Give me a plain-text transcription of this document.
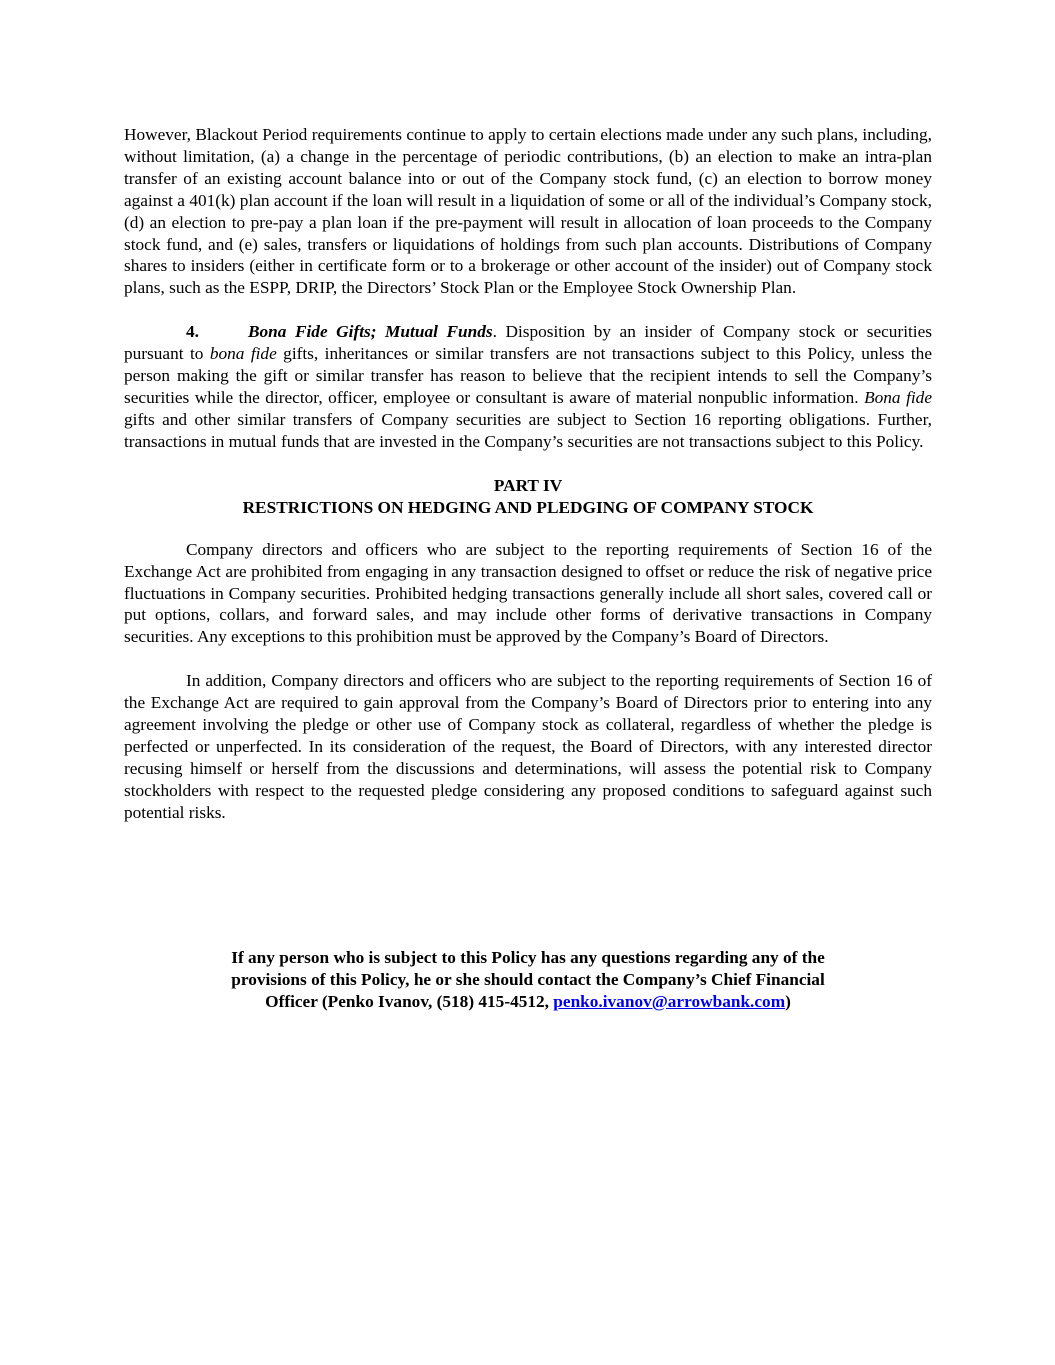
However, Blackout Period requirements continue to apply to certain elections made under any such plans, including, without limitation, (a) a change in the percentage of periodic contributions, (b) an election to make an intra-plan transfer of an existing account balance into or out of the Company stock fund, (c) an election to borrow money against a 401(k) plan account if the loan will result in a liquidation of some or all of the individual’s Company stock, (d) an election to pre-pay a plan loan if the pre-payment will result in allocation of loan proceeds to the Company stock fund, and (e) sales, transfers or liquidations of holdings from such plan accounts. Distributions of Company shares to insiders (either in certificate form or to a brokerage or other account of the insider) out of Company stock plans, such as the ESPP, DRIP, the Directors’ Stock Plan or the Employee Stock Ownership Plan.

4.	Bona Fide Gifts; Mutual Funds. Disposition by an insider of Company stock or securities pursuant to bona fide gifts, inheritances or similar transfers are not transactions subject to this Policy, unless the person making the gift or similar transfer has reason to believe that the recipient intends to sell the Company’s securities while the director, officer, employee or consultant is aware of material nonpublic information. Bona fide gifts and other similar transfers of Company securities are subject to Section 16 reporting obligations. Further, transactions in mutual funds that are invested in the Company’s securities are not transactions subject to this Policy.

PART IV
RESTRICTIONS ON HEDGING AND PLEDGING OF COMPANY STOCK

Company directors and officers who are subject to the reporting requirements of Section 16 of the Exchange Act are prohibited from engaging in any transaction designed to offset or reduce the risk of negative price fluctuations in Company securities. Prohibited hedging transactions generally include all short sales, covered call or put options, collars, and forward sales, and may include other forms of derivative transactions in Company securities. Any exceptions to this prohibition must be approved by the Company’s Board of Directors.

In addition, Company directors and officers who are subject to the reporting requirements of Section 16 of the Exchange Act are required to gain approval from the Company’s Board of Directors prior to entering into any agreement involving the pledge or other use of Company stock as collateral, regardless of whether the pledge is perfected or unperfected. In its consideration of the request, the Board of Directors, with any interested director recusing himself or herself from the discussions and determinations, will assess the potential risk to Company stockholders with respect to the requested pledge considering any proposed conditions to safeguard against such potential risks.

If any person who is subject to this Policy has any questions regarding any of the
provisions of this Policy, he or she should contact the Company’s Chief Financial
Officer (Penko Ivanov, (518) 415-4512, penko.ivanov@arrowbank.com)
